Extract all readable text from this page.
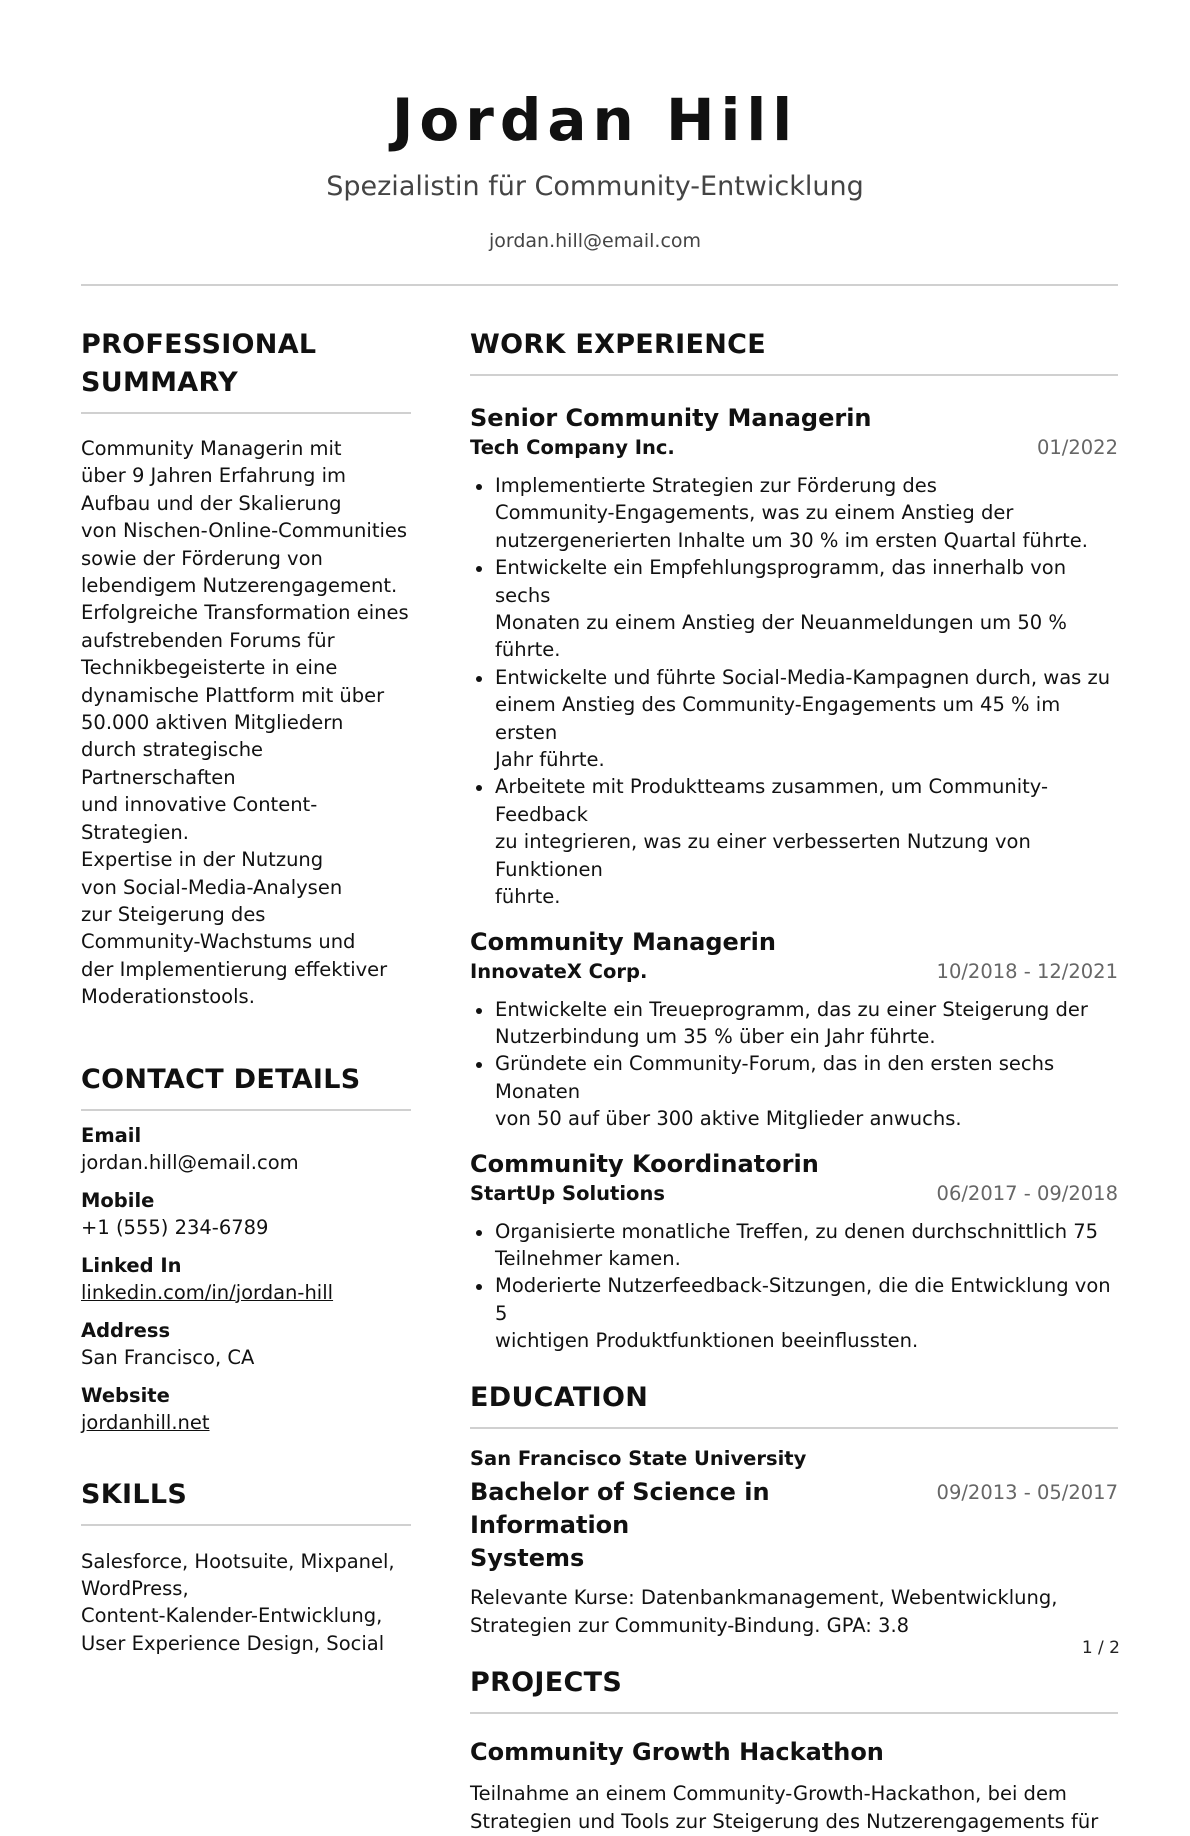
Jordan Hill
Spezialistin für Community-Entwicklung
jordan.hill@email.com
PROFESSIONAL
SUMMARY
Community Managerin mit
über 9 Jahren Erfahrung im
Aufbau und der Skalierung
von Nischen-Online-Communities
sowie der Förderung von
lebendigem Nutzerengagement.
Erfolgreiche Transformation eines
aufstrebenden Forums für
Technikbegeisterte in eine
dynamische Plattform mit über
50.000 aktiven Mitgliedern
durch strategische Partnerschaften
und innovative Content-Strategien.
Expertise in der Nutzung
von Social-Media-Analysen
zur Steigerung des
Community-Wachstums und
der Implementierung effektiver
Moderationstools.
CONTACT DETAILS
Email
jordan.hill@email.com
Mobile
+1 (555) 234-6789
Linked In
linkedin.com/in/jordan-hill
Address
San Francisco, CA
Website
jordanhill.net
SKILLS
Salesforce, Hootsuite, Mixpanel,
WordPress,
Content-Kalender-Entwicklung,
User Experience Design, Social
WORK EXPERIENCE
Senior Community Managerin
Tech Company Inc.	01/2022
Implementierte Strategien zur Förderung des
Community-Engagements, was zu einem Anstieg der
nutzergenerierten Inhalte um 30 % im ersten Quartal führte.
Entwickelte ein Empfehlungsprogramm, das innerhalb von sechs
Monaten zu einem Anstieg der Neuanmeldungen um 50 % führte.
Entwickelte und führte Social-Media-Kampagnen durch, was zu
einem Anstieg des Community-Engagements um 45 % im ersten
Jahr führte.
Arbeitete mit Produktteams zusammen, um Community-Feedback
zu integrieren, was zu einer verbesserten Nutzung von Funktionen
führte.
Community Managerin
InnovateX Corp.	10/2018 - 12/2021
Entwickelte ein Treueprogramm, das zu einer Steigerung der
Nutzerbindung um 35 % über ein Jahr führte.
Gründete ein Community-Forum, das in den ersten sechs Monaten
von 50 auf über 300 aktive Mitglieder anwuchs.
Community Koordinatorin
StartUp Solutions	06/2017 - 09/2018
Organisierte monatliche Treffen, zu denen durchschnittlich 75
Teilnehmer kamen.
Moderierte Nutzerfeedback-Sitzungen, die die Entwicklung von 5
wichtigen Produktfunktionen beeinflussten.
EDUCATION
San Francisco State University
Bachelor of Science in Information
Systems
09/2013 - 05/2017
Relevante Kurse: Datenbankmanagement, Webentwicklung,
Strategien zur Community-Bindung. GPA: 3.8
PROJECTS
Community Growth Hackathon
Teilnahme an einem Community-Growth-Hackathon, bei dem
Strategien und Tools zur Steigerung des Nutzerengagements für
1 / 2
